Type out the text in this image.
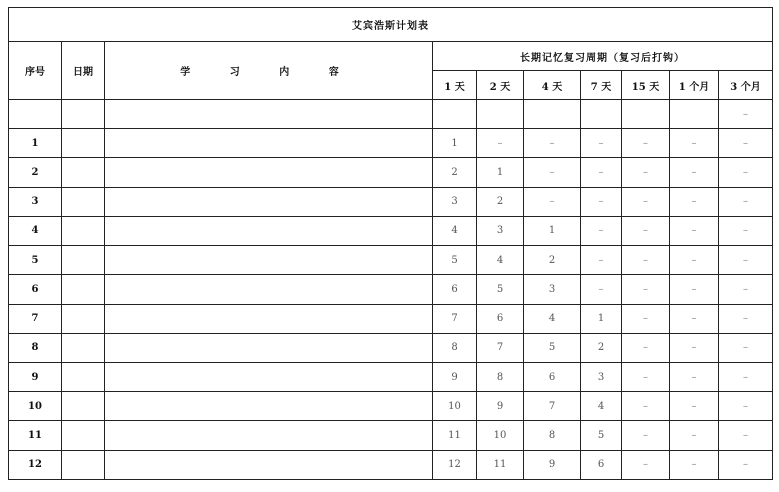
艾宾浩斯计划表									
序号	日期	学 习 内 容	长期记忆复习周期（复习后打钩）						
			1 天	2 天	4 天	7 天	15 天	1 个月	3 个月
									–
1			1	–	–	–	–	–	–
2			2	1	–	–	–	–	–
3			3	2	–	–	–	–	–
4			4	3	1	–	–	–	–
5			5	4	2	–	–	–	–
6			6	5	3	–	–	–	–
7			7	6	4	1	–	–	–
8			8	7	5	2	–	–	–
9			9	8	6	3	–	–	–
10			10	9	7	4	–	–	–
11			11	10	8	5	–	–	–
12			12	11	9	6	–	–	–
